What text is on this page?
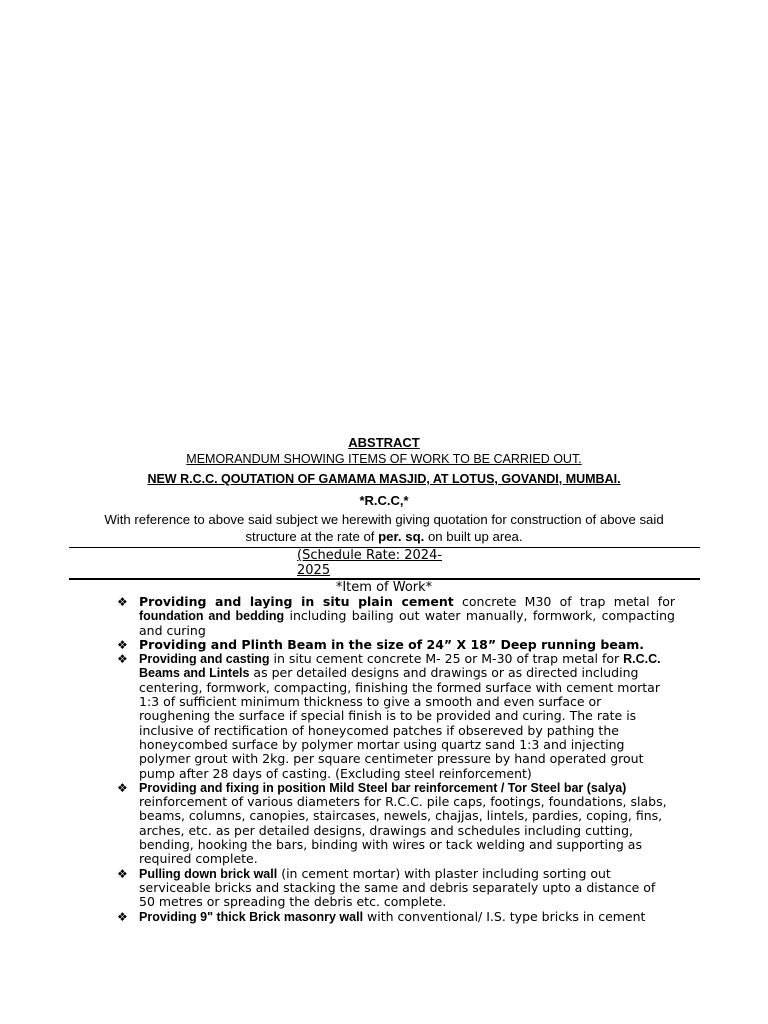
ABSTRACT
MEMORANDUM SHOWING ITEMS OF WORK TO BE CARRIED OUT.
NEW R.C.C. QOUTATION OF GAMAMA MASJID, AT LOTUS, GOVANDI, MUMBAI.
*R.C.C,*
With reference to above said subject we herewith giving quotation for construction of above said structure at the rate of per. sq. on built up area.
(Schedule Rate: 2024-2025
*Item of Work*
❖ Providing and laying in situ plain cement concrete M30 of trap metal for foundation and bedding including bailing out water manually, formwork, compacting and curing
❖ Providing and Plinth Beam in the size of 24” X 18” Deep running beam.
❖ Providing and casting in situ cement concrete M- 25 or M-30 of trap metal for R.C.C. Beams and Lintels as per detailed designs and drawings or as directed including centering, formwork, compacting, finishing the formed surface with cement mortar 1:3 of sufficient minimum thickness to give a smooth and even surface or roughening the surface if special finish is to be provided and curing. The rate is inclusive of rectification of honeycomed patches if obsereved by pathing the honeycombed surface by polymer mortar using quartz sand 1:3 and injecting polymer grout with 2kg. per square centimeter pressure by hand operated grout pump after 28 days of casting. (Excluding steel reinforcement)
❖ Providing and fixing in position Mild Steel bar reinforcement / Tor Steel bar (salya) reinforcement of various diameters for R.C.C. pile caps, footings, foundations, slabs, beams, columns, canopies, staircases, newels, chajjas, lintels, pardies, coping, fins, arches, etc. as per detailed designs, drawings and schedules including cutting, bending, hooking the bars, binding with wires or tack welding and supporting as required complete.
❖ Pulling down brick wall (in cement mortar) with plaster including sorting out serviceable bricks and stacking the same and debris separately upto a distance of 50 metres or spreading the debris etc. complete.
❖ Providing 9" thick Brick masonry wall with conventional/ I.S. type bricks in cement
